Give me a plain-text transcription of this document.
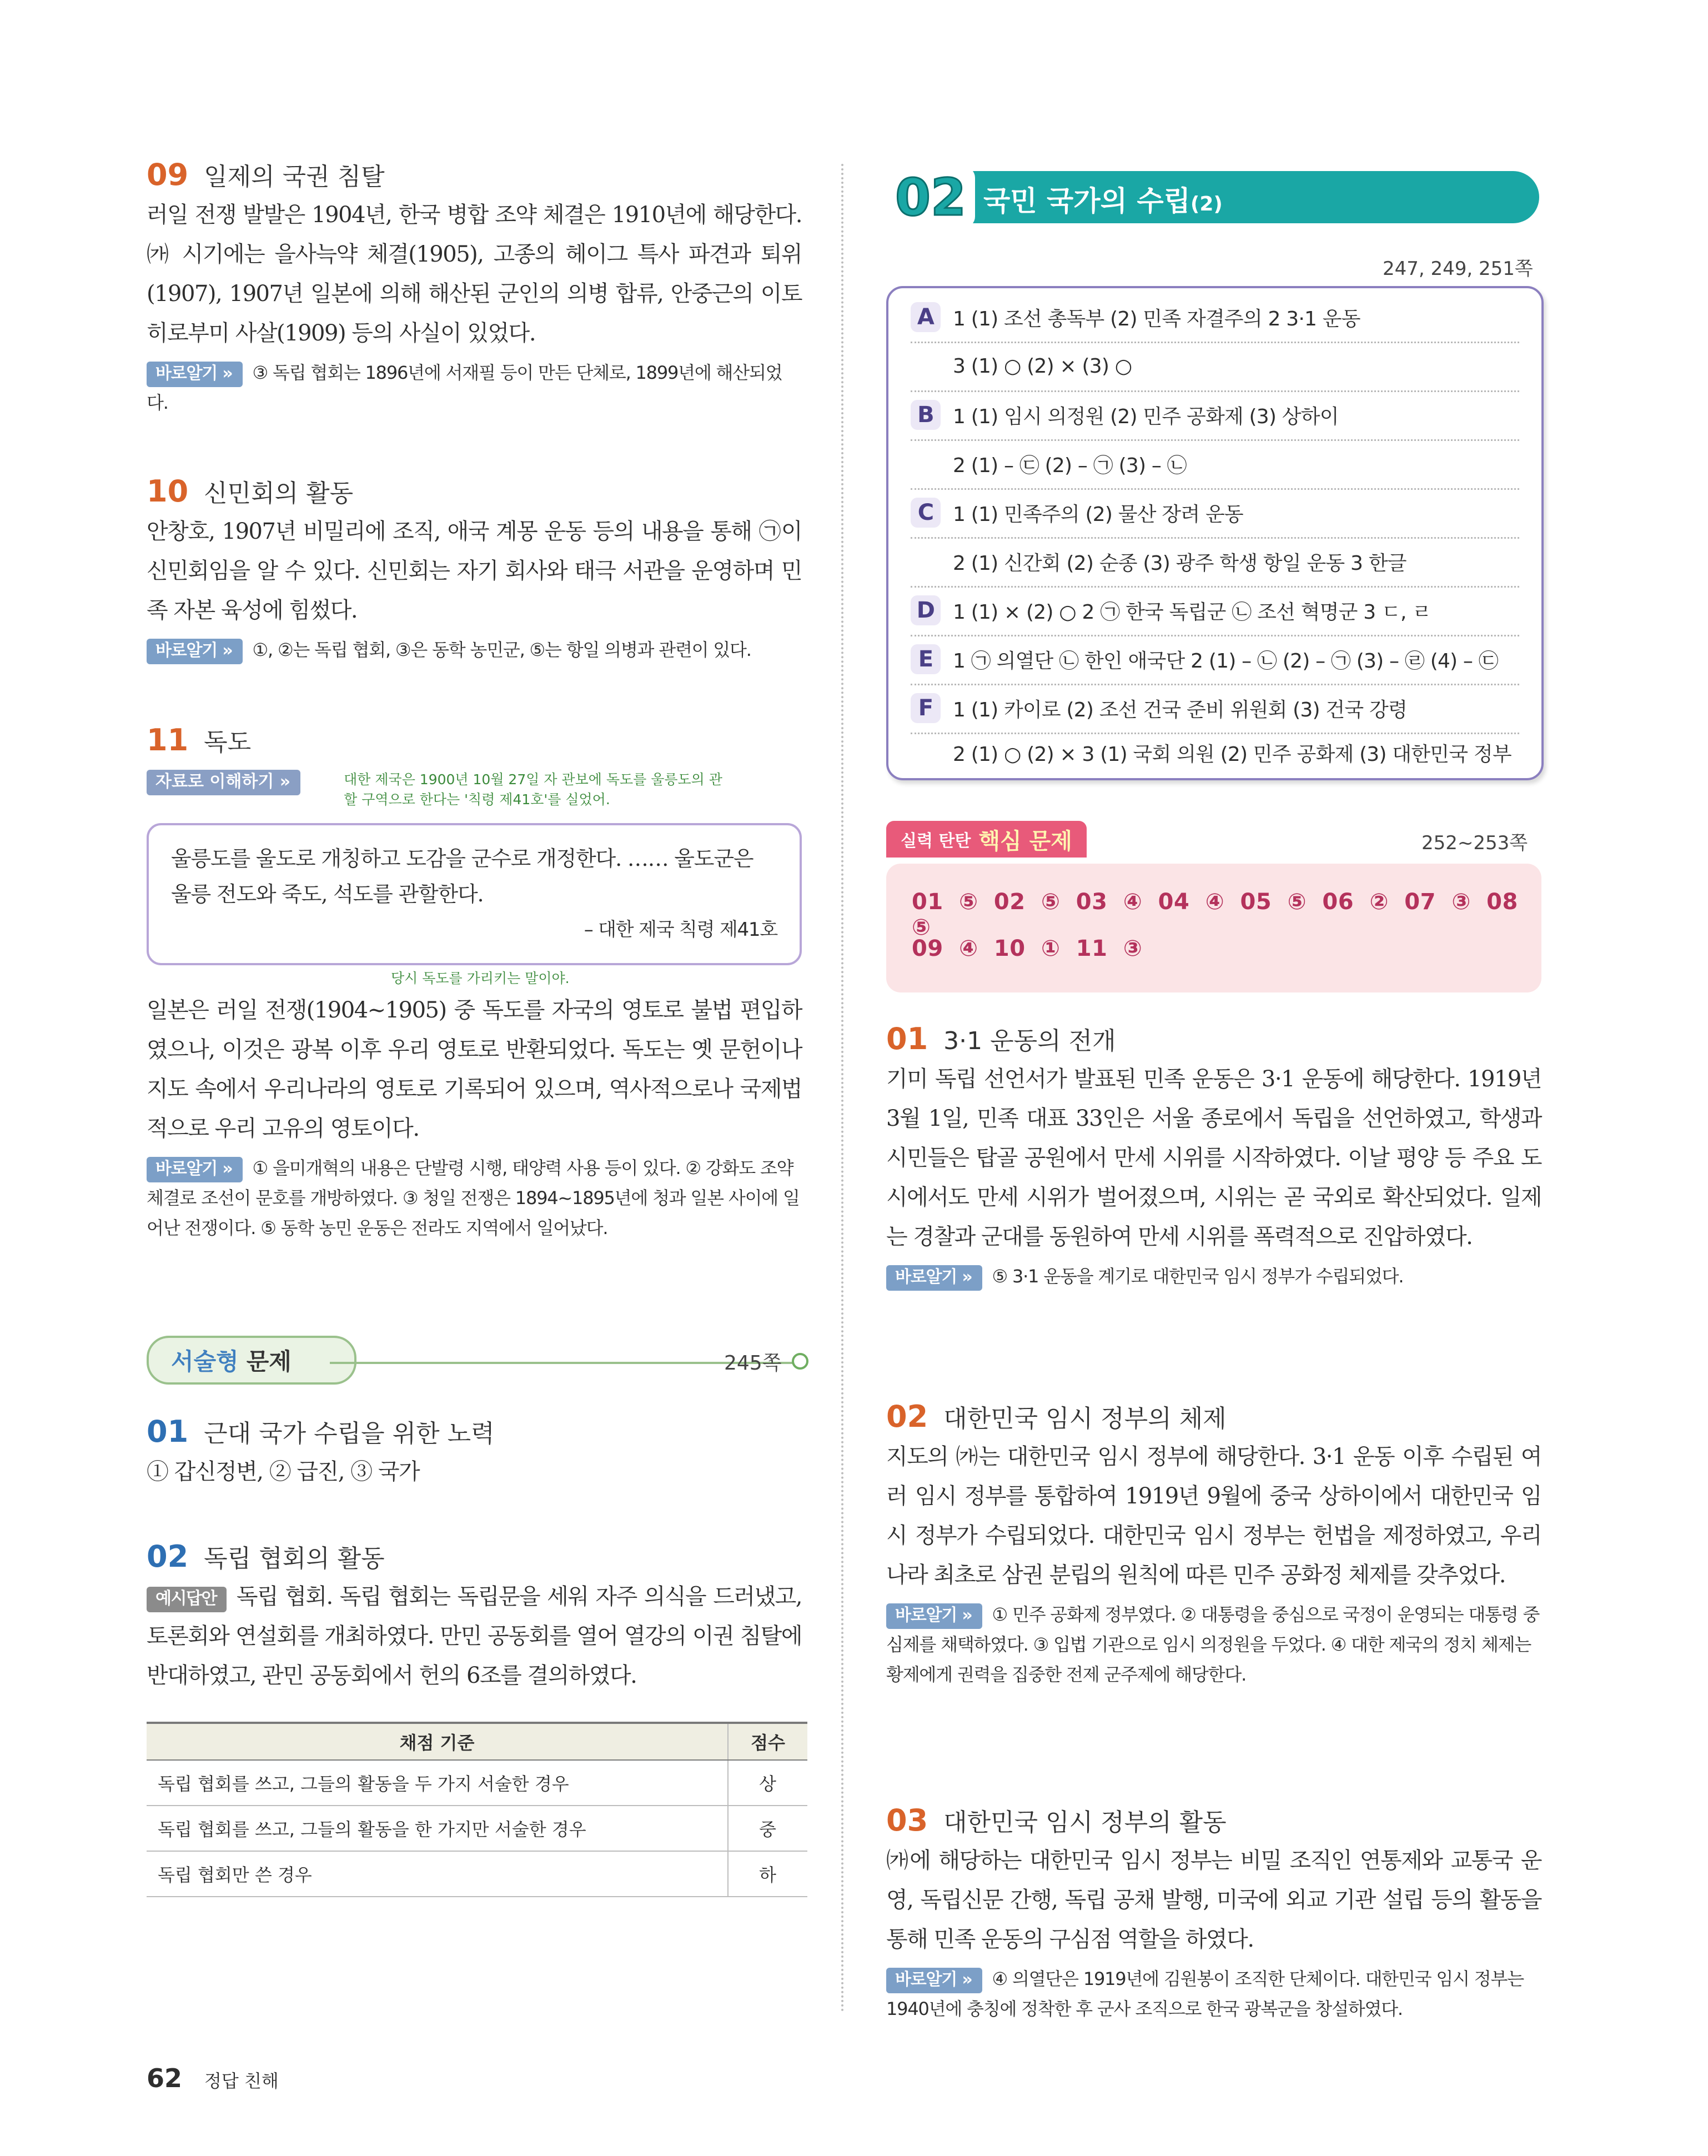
09 일제의 국권 침탈

러일 전쟁 발발은 1904년, 한국 병합 조약 체결은 1910년에 해당한다. ㈎ 시기에는 을사늑약 체결(1905), 고종의 헤이그 특사 파견과 퇴위(1907), 1907년 일본에 의해 해산된 군인의 의병 합류, 안중근의 이토 히로부미 사살(1909) 등의 사실이 있었다.

바로알기 » ③ 독립 협회는 1896년에 서재필 등이 만든 단체로, 1899년에 해산되었다.
10 신민회의 활동

안창호, 1907년 비밀리에 조직, 애국 계몽 운동 등의 내용을 통해 ㉠이 신민회임을 알 수 있다. 신민회는 자기 회사와 태극 서관을 운영하며 민족 자본 육성에 힘썼다.

바로알기 » ①, ②는 독립 협회, ③은 동학 농민군, ⑤는 항일 의병과 관련이 있다.
11 독도
자료로 이해하기 »	대한 제국은 1900년 10월 27일 자 관보에 독도를 울릉도의 관할 구역으로 한다는 '칙령 제41호'를 실었어.
울릉도를 울도로 개칭하고 도감을 군수로 개정한다. …… 울도군은 울릉 전도와 죽도, 석도를 관할한다.
– 대한 제국 칙령 제41호
당시 독도를 가리키는 말이야.

일본은 러일 전쟁(1904~1905) 중 독도를 자국의 영토로 불법 편입하였으나, 이것은 광복 이후 우리 영토로 반환되었다. 독도는 옛 문헌이나 지도 속에서 우리나라의 영토로 기록되어 있으며, 역사적으로나 국제법적으로 우리 고유의 영토이다.

바로알기 » ① 을미개혁의 내용은 단발령 시행, 태양력 사용 등이 있다. ② 강화도 조약 체결로 조선이 문호를 개방하였다. ③ 청일 전쟁은 1894~1895년에 청과 일본 사이에 일어난 전쟁이다. ⑤ 동학 농민 운동은 전라도 지역에서 일어났다.
서술형 문제	245쪽
01 근대 국가 수립을 위한 노력

① 갑신정변, ② 급진, ③ 국가

02 독립 협회의 활동

예시답안 독립 협회. 독립 협회는 독립문을 세워 자주 의식을 드러냈고, 토론회와 연설회를 개최하였다. 만민 공동회를 열어 열강의 이권 침탈에 반대하였고, 관민 공동회에서 헌의 6조를 결의하였다.

채점 기준	점수
독립 협회를 쓰고, 그들의 활동을 두 가지 서술한 경우	상
독립 협회를 쓰고, 그들의 활동을 한 가지만 서술한 경우	중
독립 협회만 쓴 경우	하
62 정답 친해
02 국민 국가의 수립(2)
247, 249, 251쪽
A 1 (1) 조선 총독부 (2) 민족 자결주의 2 3·1 운동
3 (1) ○ (2) × (3) ○
B 1 (1) 임시 의정원 (2) 민주 공화제 (3) 상하이
2 (1) – ㉢ (2) – ㉠ (3) – ㉡
C 1 (1) 민족주의 (2) 물산 장려 운동
2 (1) 신간회 (2) 순종 (3) 광주 학생 항일 운동 3 한글
D 1 (1) × (2) ○ 2 ㉠ 한국 독립군 ㉡ 조선 혁명군 3 ㄷ, ㄹ
E 1 ㉠ 의열단 ㉡ 한인 애국단 2 (1) – ㉡ (2) – ㉠ (3) – ㉣ (4) – ㉢
F 1 (1) 카이로 (2) 조선 건국 준비 위원회 (3) 건국 강령
2 (1) ○ (2) × 3 (1) 국회 의원 (2) 민주 공화제 (3) 대한민국 정부
실력 탄탄 핵심 문제	252~253쪽
01 ⑤ 02 ⑤ 03 ④ 04 ④ 05 ⑤ 06 ② 07 ③ 08 ⑤
09 ④ 10 ① 11 ③
01 3·1 운동의 전개

기미 독립 선언서가 발표된 민족 운동은 3·1 운동에 해당한다. 1919년 3월 1일, 민족 대표 33인은 서울 종로에서 독립을 선언하였고, 학생과 시민들은 탑골 공원에서 만세 시위를 시작하였다. 이날 평양 등 주요 도시에서도 만세 시위가 벌어졌으며, 시위는 곧 국외로 확산되었다. 일제는 경찰과 군대를 동원하여 만세 시위를 폭력적으로 진압하였다.

바로알기 » ⑤ 3·1 운동을 계기로 대한민국 임시 정부가 수립되었다.
02 대한민국 임시 정부의 체제

지도의 ㈎는 대한민국 임시 정부에 해당한다. 3·1 운동 이후 수립된 여러 임시 정부를 통합하여 1919년 9월에 중국 상하이에서 대한민국 임시 정부가 수립되었다. 대한민국 임시 정부는 헌법을 제정하였고, 우리나라 최초로 삼권 분립의 원칙에 따른 민주 공화정 체제를 갖추었다.

바로알기 » ① 민주 공화제 정부였다. ② 대통령을 중심으로 국정이 운영되는 대통령 중심제를 채택하였다. ③ 입법 기관으로 임시 의정원을 두었다. ④ 대한 제국의 정치 체제는 황제에게 권력을 집중한 전제 군주제에 해당한다.
03 대한민국 임시 정부의 활동

㈎에 해당하는 대한민국 임시 정부는 비밀 조직인 연통제와 교통국 운영, 독립신문 간행, 독립 공채 발행, 미국에 외교 기관 설립 등의 활동을 통해 민족 운동의 구심점 역할을 하였다.

바로알기 » ④ 의열단은 1919년에 김원봉이 조직한 단체이다. 대한민국 임시 정부는 1940년에 충칭에 정착한 후 군사 조직으로 한국 광복군을 창설하였다.
